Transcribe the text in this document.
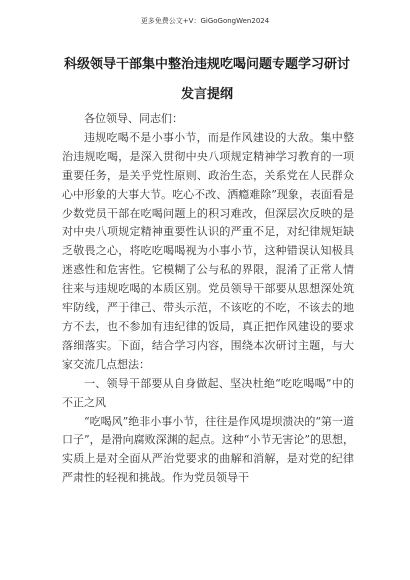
更多免费公文+V：GiGoGongWen2024
科级领导干部集中整治违规吃喝问题专题学习研讨发言提纲

各位领导、同志们：

违规吃喝不是小事小节，而是作风建设的大敌。集中整治违规吃喝，是深入贯彻中央八项规定精神学习教育的一项重要任务，是关乎党性原则、政治生态，关系党在人民群众心中形象的大事大节。吃心不改、洒瘾难除”现象，表面看是少数党员干部在吃喝问题上的积习难改，但深层次反映的是对中央八项规定精神重要性认识的严重不足，对纪律规矩缺乏敬畏之心，将吃吃喝喝视为小事小节，这种错误认知极具迷惑性和危害性。它模糊了公与私的界限，混淆了正常人情往来与违规吃喝的本质区别。党员领导干部要从思想深处筑牢防线，严于律己、带头示范，不该吃的不吃，不该去的地方不去，也不参加有违纪律的饭局，真正把作风建设的要求落细落实。下面，结合学习内容，围绕本次研讨主题，与大家交流几点想法：

一、领导干部要从自身做起、坚决杜绝“吃吃喝喝”中的不正之风

“吃喝风”绝非小事小节，往往是作风堤坝溃决的“第一道口子”，是滑向腐败深渊的起点。这种“小节无害论”的思想，实质上是对全面从严治党要求的曲解和消解，是对党的纪律严肃性的轻视和挑战。作为党员领导干
